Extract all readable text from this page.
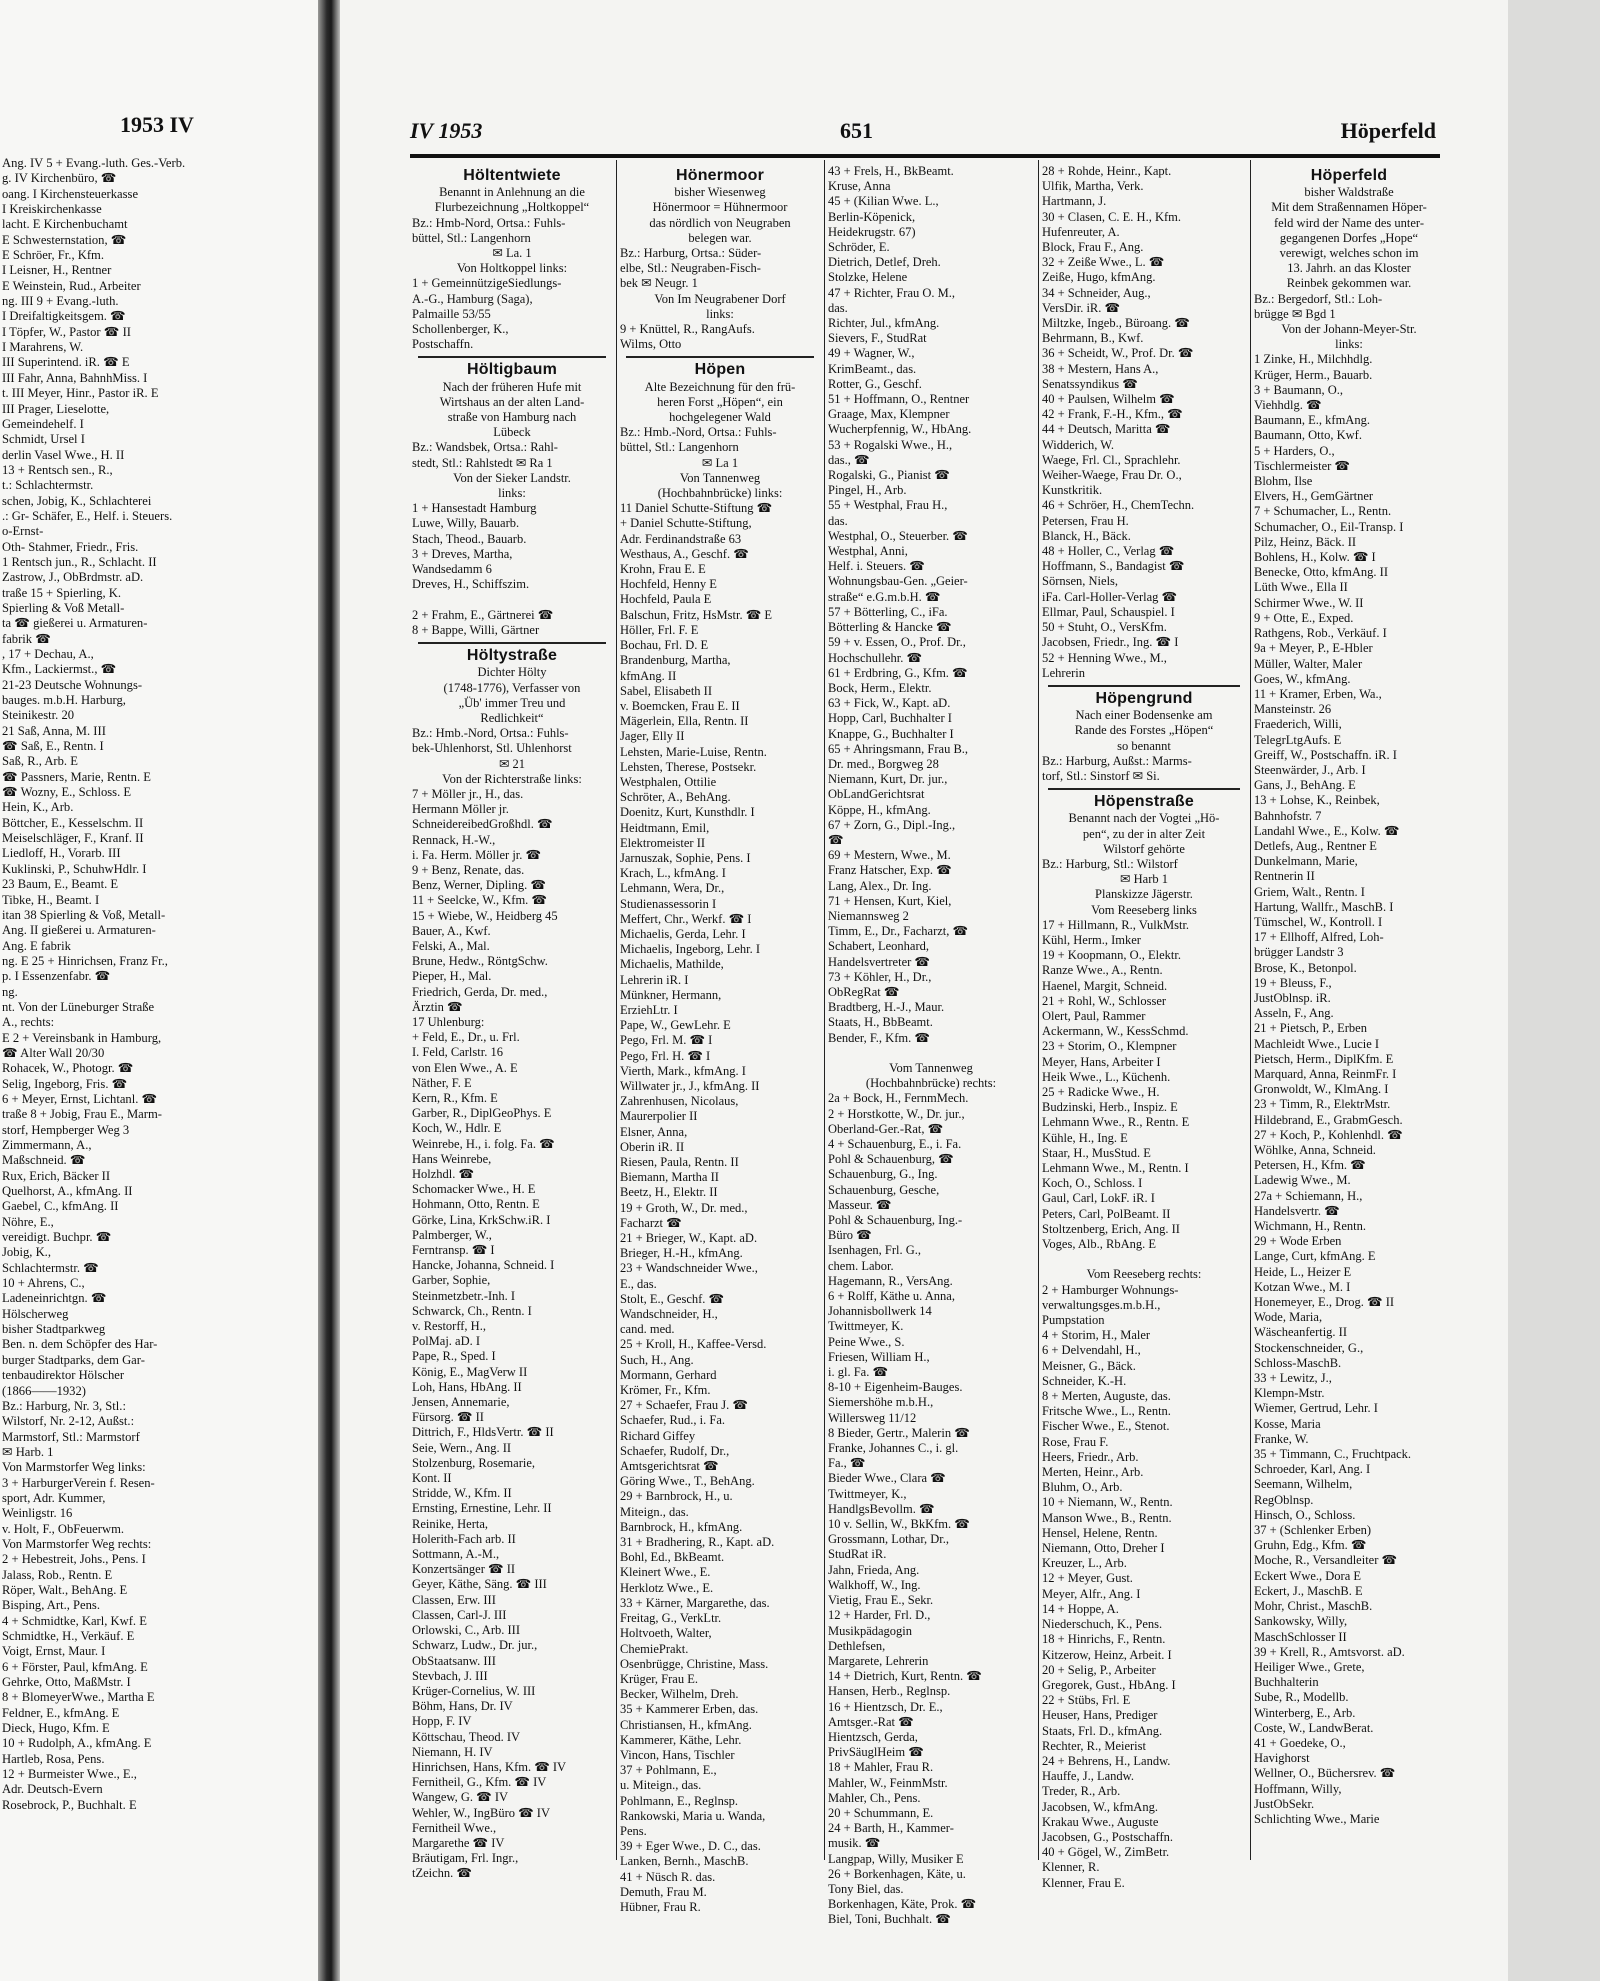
1953 IV
Ang. IV 5 + Evang.-luth. Ges.-Verb.
g. IV Kirchenbüro, ☎
oang. I Kirchensteuerkasse
I Kreiskirchenkasse
lacht. E Kirchenbuchamt
E Schwesternstation, ☎
E Schröer, Fr., Kfm.
I Leisner, H., Rentner
E Weinstein, Rud., Arbeiter
ng. III 9 + Evang.-luth.
I Dreifaltigkeitsgem. ☎
I Töpfer, W., Pastor ☎ II
I Marahrens, W.
III Superintend. iR. ☎ E
III Fahr, Anna, BahnhMiss. I
t. III Meyer, Hinr., Pastor iR. E
III Prager, Lieselotte,
Gemeindehelf. I
Schmidt, Ursel I
derlin Vasel Wwe., H. II
13 + Rentsch sen., R.,
t.: Schlachtermstr.
schen, Jobig, K., Schlachterei
.: Gr- Schäfer, E., Helf. i. Steuers.
o-Ernst-
Oth- Stahmer, Friedr., Fris.
1 Rentsch jun., R., Schlacht. II
Zastrow, J., ObBrdmstr. aD.
traße 15 + Spierling, K.
Spierling & Voß Metall-
ta ☎ gießerei u. Armaturen-
fabrik ☎
, 17 + Dechau, A.,
Kfm., Lackiermst., ☎
21-23 Deutsche Wohnungs-
bauges. m.b.H. Harburg,
Steinikestr. 20
21 Saß, Anna, M. III
☎ Saß, E., Rentn. I
Saß, R., Arb. E
☎ Passners, Marie, Rentn. E
☎ Wozny, E., Schloss. E
Hein, K., Arb.
Böttcher, E., Kesselschm. II
Meiselschläger, F., Kranf. II
Liedloff, H., Vorarb. III
Kuklinski, P., SchuhwHdlr. I
23 Baum, E., Beamt. E
Tibke, H., Beamt. I
itan 38 Spierling & Voß, Metall-
Ang. II gießerei u. Armaturen-
Ang. E fabrik
ng. E 25 + Hinrichsen, Franz Fr.,
p. I Essenzenfabr. ☎
ng.
nt. Von der Lüneburger Straße
A., rechts:
E 2 + Vereinsbank in Hamburg,
☎ Alter Wall 20/30
Rohacek, W., Photogr. ☎
Selig, Ingeborg, Fris. ☎
6 + Meyer, Ernst, Lichtanl. ☎
traße 8 + Jobig, Frau E., Marm-
storf, Hempberger Weg 3
Zimmermann, A.,
Maßschneid. ☎
Rux, Erich, Bäcker II
Quelhorst, A., kfmAng. II
Gaebel, C., kfmAng. II
Nöhre, E.,
vereidigt. Buchpr. ☎
Jobig, K.,
Schlachtermstr. ☎
10 + Ahrens, C.,
Ladeneinrichtgn. ☎
Hölscherweg
bisher Stadtparkweg
Ben. n. dem Schöpfer des Har-
burger Stadtparks, dem Gar-
tenbaudirektor Hölscher
(1866——1932)
Bz.: Harburg, Nr. 3, Stl.:
Wilstorf, Nr. 2-12, Außst.:
Marmstorf, Stl.: Marmstorf
✉ Harb. 1
Von Marmstorfer Weg links:
3 + HarburgerVerein f. Resen-
sport, Adr. Kummer,
Weinligstr. 16
v. Holt, F., ObFeuerwm.
Von Marmstorfer Weg rechts:
2 + Hebestreit, Johs., Pens. I
Jalass, Rob., Rentn. E
Röper, Walt., BehAng. E
Bisping, Art., Pens.
4 + Schmidtke, Karl, Kwf. E
Schmidtke, H., Verkäuf. E
Voigt, Ernst, Maur. I
6 + Förster, Paul, kfmAng. E
Gehrke, Otto, MaßMstr. I
8 + BlomeyerWwe., Martha E
Feldner, E., kfmAng. E
Dieck, Hugo, Kfm. E
10 + Rudolph, A., kfmAng. E
Hartleb, Rosa, Pens.
12 + Burmeister Wwe., E.,
Adr. Deutsch-Evern
Rosebrock, P., Buchhalt. E
IV 1953	651	Höperfeld
Höltentwiete
Benannt in Anlehnung an die
Flurbezeichnung „Holtkoppel“
Bz.: Hmb-Nord, Ortsa.: Fuhls-
büttel, Stl.: Langenhorn
✉ La. 1
Von Holtkoppel links:
1 + GemeinnützigeSiedlungs-
A.-G., Hamburg (Saga),
Palmaille 53/55
Schollenberger, K.,
Postschaffn.
Höltigbaum
Nach der früheren Hufe mit
Wirtshaus an der alten Land-
straße von Hamburg nach
Lübeck
Bz.: Wandsbek, Ortsa.: Rahl-
stedt, Stl.: Rahlstedt ✉ Ra 1
Von der Sieker Landstr.
links:
1 + Hansestadt Hamburg
Luwe, Willy, Bauarb.
Stach, Theod., Bauarb.
3 + Dreves, Martha,
Wandsedamm 6
Dreves, H., Schiffszim.

2 + Frahm, E., Gärtnerei ☎
8 + Bappe, Willi, Gärtner
Höltystraße
Dichter Hölty
(1748-1776), Verfasser von
„Üb' immer Treu und
Redlichkeit“
Bz.: Hmb.-Nord, Ortsa.: Fuhls-
bek-Uhlenhorst, Stl. Uhlenhorst
✉ 21
Von der Richterstraße links:
7 + Möller jr., H., das.
Hermann Möller jr.
SchneidereibedGroßhdl. ☎
Rennack, H.-W.,
i. Fa. Herm. Möller jr. ☎
9 + Benz, Renate, das.
Benz, Werner, Dipling. ☎
11 + Seelcke, W., Kfm. ☎
15 + Wiebe, W., Heidberg 45
Bauer, A., Kwf.
Felski, A., Mal.
Brune, Hedw., RöntgSchw.
Pieper, H., Mal.
Friedrich, Gerda, Dr. med.,
Ärztin ☎
17 Uhlenburg:
+ Feld, E., Dr., u. Frl.
I. Feld, Carlstr. 16
von Elen Wwe., A. E
Näther, F. E
Kern, R., Kfm. E
Garber, R., DiplGeoPhys. E
Koch, W., Hdlr. E
Weinrebe, H., i. folg. Fa. ☎
Hans Weinrebe,
Holzhdl. ☎
Schomacker Wwe., H. E
Hohmann, Otto, Rentn. E
Görke, Lina, KrkSchw.iR. I
Palmberger, W.,
Ferntransp. ☎ I
Hancke, Johanna, Schneid. I
Garber, Sophie,
Steinmetzbetr.-Inh. I
Schwarck, Ch., Rentn. I
v. Restorff, H.,
PolMaj. aD. I
Pape, R., Sped. I
König, E., MagVerw II
Loh, Hans, HbAng. II
Jensen, Annemarie,
Fürsorg. ☎ II
Dittrich, F., HldsVertr. ☎ II
Seie, Wern., Ang. II
Stolzenburg, Rosemarie,
Kont. II
Stridde, W., Kfm. II
Ernsting, Ernestine, Lehr. II
Reinike, Herta,
Holerith-Fach arb. II
Sottmann, A.-M.,
Konzertsänger ☎ II
Geyer, Käthe, Säng. ☎ III
Classen, Erw. III
Classen, Carl-J. III
Orlowski, C., Arb. III
Schwarz, Ludw., Dr. jur.,
ObStaatsanw. III
Stevbach, J. III
Krüger-Cornelius, W. III
Böhm, Hans, Dr. IV
Hopp, F. IV
Köttschau, Theod. IV
Niemann, H. IV
Hinrichsen, Hans, Kfm. ☎ IV
Fernitheil, G., Kfm. ☎ IV
Wangew, G. ☎ IV
Wehler, W., IngBüro ☎ IV
Fernitheil Wwe.,
Margarethe ☎ IV
Bräutigam, Frl. Ingr.,
tZeichn. ☎
Hönermoor
bisher Wiesenweg
Hönermoor = Hühnermoor
das nördlich von Neugraben
belegen war.
Bz.: Harburg, Ortsa.: Süder-
elbe, Stl.: Neugraben-Fisch-
bek ✉ Neugr. 1
Von Im Neugrabener Dorf
links:
9 + Knüttel, R., RangAufs.
Wilms, Otto
Höpen
Alte Bezeichnung für den frü-
heren Forst „Höpen“, ein
hochgelegener Wald
Bz.: Hmb.-Nord, Ortsa.: Fuhls-
büttel, Stl.: Langenhorn
✉ La 1
Von Tannenweg
(Hochbahnbrücke) links:
11 Daniel Schutte-Stiftung ☎
+ Daniel Schutte-Stiftung,
Adr. Ferdinandstraße 63
Westhaus, A., Geschf. ☎
Krohn, Frau E. E
Hochfeld, Henny E
Hochfeld, Paula E
Balschun, Fritz, HsMstr. ☎ E
Höller, Frl. F. E
Bochau, Frl. D. E
Brandenburg, Martha,
kfmAng. II
Sabel, Elisabeth II
v. Boemcken, Frau E. II
Mägerlein, Ella, Rentn. II
Jager, Elly II
Lehsten, Marie-Luise, Rentn.
Lehsten, Therese, Postsekr.
Westphalen, Ottilie
Schröter, A., BehAng.
Doenitz, Kurt, Kunsthdlr. I
Heidtmann, Emil,
Elektromeister II
Jarnuszak, Sophie, Pens. I
Krach, L., kfmAng. I
Lehmann, Wera, Dr.,
Studienassessorin I
Meffert, Chr., Werkf. ☎ I
Michaelis, Gerda, Lehr. I
Michaelis, Ingeborg, Lehr. I
Michaelis, Mathilde,
Lehrerin iR. I
Münkner, Hermann,
ErziehLtr. I
Pape, W., GewLehr. E
Pego, Frl. M. ☎ I
Pego, Frl. H. ☎ I
Vierth, Mark., kfmAng. I
Willwater jr., J., kfmAng. II
Zahrenhusen, Nicolaus,
Maurerpolier II
Elsner, Anna,
Oberin iR. II
Riesen, Paula, Rentn. II
Biemann, Martha II
Beetz, H., Elektr. II
19 + Groth, W., Dr. med.,
Facharzt ☎
21 + Brieger, W., Kapt. aD.
Brieger, H.-H., kfmAng.
23 + Wandschneider Wwe.,
E., das.
Stolt, E., Geschf. ☎
Wandschneider, H.,
cand. med.
25 + Kroll, H., Kaffee-Versd.
Such, H., Ang.
Mormann, Gerhard
Krömer, Fr., Kfm.
27 + Schaefer, Frau J. ☎
Schaefer, Rud., i. Fa.
Richard Giffey
Schaefer, Rudolf, Dr.,
Amtsgerichtsrat ☎
Göring Wwe., T., BehAng.
29 + Barnbrock, H., u.
Miteign., das.
Barnbrock, H., kfmAng.
31 + Bradhering, R., Kapt. aD.
Bohl, Ed., BkBeamt.
Kleinert Wwe., E.
Herklotz Wwe., E.
33 + Kärner, Margarethe, das.
Freitag, G., VerkLtr.
Holtvoeth, Walter,
ChemiePrakt.
Osenbrügge, Christine, Mass.
Krüger, Frau E.
Becker, Wilhelm, Dreh.
35 + Kammerer Erben, das.
Christiansen, H., kfmAng.
Kammerer, Käthe, Lehr.
Vincon, Hans, Tischler
37 + Pohlmann, E.,
u. Miteign., das.
Pohlmann, E., Reglnsp.
Rankowski, Maria u. Wanda,
Pens.
39 + Eger Wwe., D. C., das.
Lanken, Bernh., MaschB.
41 + Nüsch R. das.
Demuth, Frau M.
Hübner, Frau R.
43 + Frels, H., BkBeamt.
Kruse, Anna
45 + (Kilian Wwe. L.,
Berlin-Köpenick,
Heidekrugstr. 67)
Schröder, E.
Dietrich, Detlef, Dreh.
Stolzke, Helene
47 + Richter, Frau O. M.,
das.
Richter, Jul., kfmAng.
Sievers, F., StudRat
49 + Wagner, W.,
KrimBeamt., das.
Rotter, G., Geschf.
51 + Hoffmann, O., Rentner
Graage, Max, Klempner
Wucherpfennig, W., HbAng.
53 + Rogalski Wwe., H.,
das., ☎
Rogalski, G., Pianist ☎
Pingel, H., Arb.
55 + Westphal, Frau H.,
das.
Westphal, O., Steuerber. ☎
Westphal, Anni,
Helf. i. Steuers. ☎
Wohnungsbau-Gen. „Geier-
straße“ e.G.m.b.H. ☎
57 + Bötterling, C., iFa.
Bötterling & Hancke ☎
59 + v. Essen, O., Prof. Dr.,
Hochschullehr. ☎
61 + Erdbring, G., Kfm. ☎
Bock, Herm., Elektr.
63 + Fick, W., Kapt. aD.
Hopp, Carl, Buchhalter I
Knappe, G., Buchhalter I
65 + Ahringsmann, Frau B.,
Dr. med., Borgweg 28
Niemann, Kurt, Dr. jur.,
ObLandGerichtsrat
Köppe, H., kfmAng.
67 + Zorn, G., Dipl.-Ing.,
☎
69 + Mestern, Wwe., M.
Franz Hatscher, Exp. ☎
Lang, Alex., Dr. Ing.
71 + Hensen, Kurt, Kiel,
Niemannsweg 2
Timm, E., Dr., Facharzt, ☎
Schabert, Leonhard,
Handelsvertreter ☎
73 + Köhler, H., Dr.,
ObRegRat ☎
Bradtberg, H.-J., Maur.
Staats, H., BbBeamt.
Bender, F., Kfm. ☎

Vom Tannenweg
(Hochbahnbrücke) rechts:
2a + Bock, H., FernmMech.
2 + Horstkotte, W., Dr. jur.,
Oberland-Ger.-Rat, ☎
4 + Schauenburg, E., i. Fa.
Pohl & Schauenburg, ☎
Schauenburg, G., Ing.
Schauenburg, Gesche,
Masseur. ☎
Pohl & Schauenburg, Ing.-
Büro ☎
Isenhagen, Frl. G.,
chem. Labor.
Hagemann, R., VersAng.
6 + Rolff, Käthe u. Anna,
Johannisbollwerk 14
Twittmeyer, K.
Peine Wwe., S.
Friesen, William H.,
i. gl. Fa. ☎
8-10 + Eigenheim-Bauges.
Siemershöhe m.b.H.,
Willersweg 11/12
8 Bieder, Gertr., Malerin ☎
Franke, Johannes C., i. gl.
Fa., ☎
Bieder Wwe., Clara ☎
Twittmeyer, K.,
HandlgsBevollm. ☎
10 v. Sellin, W., BkKfm. ☎
Grossmann, Lothar, Dr.,
StudRat iR.
Jahn, Frieda, Ang.
Walkhoff, W., Ing.
Vietig, Frau E., Sekr.
12 + Harder, Frl. D.,
Musikpädagogin
Dethlefsen,
Margarete, Lehrerin
14 + Dietrich, Kurt, Rentn. ☎
Hansen, Herb., Reglnsp.
16 + Hientzsch, Dr. E.,
Amtsger.-Rat ☎
Hientzsch, Gerda,
PrivSäuglHeim ☎
18 + Mahler, Frau R.
Mahler, W., FeinmMstr.
Mahler, Ch., Pens.
20 + Schummann, E.
24 + Barth, H., Kammer-
musik. ☎
Langpap, Willy, Musiker E
26 + Borkenhagen, Käte, u.
Tony Biel, das.
Borkenhagen, Käte, Prok. ☎
Biel, Toni, Buchhalt. ☎
28 + Rohde, Heinr., Kapt.
Ulfik, Martha, Verk.
Hartmann, J.
30 + Clasen, C. E. H., Kfm.
Hufenreuter, A.
Block, Frau F., Ang.
32 + Zeiße Wwe., L. ☎
Zeiße, Hugo, kfmAng.
34 + Schneider, Aug.,
VersDir. iR. ☎
Miltzke, Ingeb., Büroang. ☎
Behrmann, B., Kwf.
36 + Scheidt, W., Prof. Dr. ☎
38 + Mestern, Hans A.,
Senatssyndikus ☎
40 + Paulsen, Wilhelm ☎
42 + Frank, F.-H., Kfm., ☎
44 + Deutsch, Maritta ☎
Widderich, W.
Waege, Frl. Cl., Sprachlehr.
Weiher-Waege, Frau Dr. O.,
Kunstkritik.
46 + Schröer, H., ChemTechn.
Petersen, Frau H.
Blanck, H., Bäck.
48 + Holler, C., Verlag ☎
Hoffmann, S., Bandagist ☎
Sörnsen, Niels,
iFa. Carl-Holler-Verlag ☎
Ellmar, Paul, Schauspiel. I
50 + Stuht, O., VersKfm.
Jacobsen, Friedr., Ing. ☎ I
52 + Henning Wwe., M.,
Lehrerin
Höpengrund
Nach einer Bodensenke am
Rande des Forstes „Höpen“
so benannt
Bz.: Harburg, Außst.: Marms-
torf, Stl.: Sinstorf ✉ Si.
Höpenstraße
Benannt nach der Vogtei „Hö-
pen“, zu der in alter Zeit
Wilstorf gehörte
Bz.: Harburg, Stl.: Wilstorf
✉ Harb 1
Planskizze Jägerstr.
Vom Reeseberg links
17 + Hillmann, R., VulkMstr.
Kühl, Herm., Imker
19 + Koopmann, O., Elektr.
Ranze Wwe., A., Rentn.
Haenel, Margit, Schneid.
21 + Rohl, W., Schlosser
Olert, Paul, Rammer
Ackermann, W., KessSchmd.
23 + Storim, O., Klempner
Meyer, Hans, Arbeiter I
Heik Wwe., L., Küchenh.
25 + Radicke Wwe., H.
Budzinski, Herb., Inspiz. E
Lehmann Wwe., R., Rentn. E
Kühle, H., Ing. E
Staar, H., MusStud. E
Lehmann Wwe., M., Rentn. I
Koch, O., Schloss. I
Gaul, Carl, LokF. iR. I
Peters, Carl, PolBeamt. II
Stoltzenberg, Erich, Ang. II
Voges, Alb., RbAng. E

Vom Reeseberg rechts:
2 + Hamburger Wohnungs-
verwaltungsges.m.b.H.,
Pumpstation
4 + Storim, H., Maler
6 + Delvendahl, H.,
Meisner, G., Bäck.
Schneider, K.-H.
8 + Merten, Auguste, das.
Fritsche Wwe., L., Rentn.
Fischer Wwe., E., Stenot.
Rose, Frau F.
Heers, Friedr., Arb.
Merten, Heinr., Arb.
Bluhm, O., Arb.
10 + Niemann, W., Rentn.
Manson Wwe., B., Rentn.
Hensel, Helene, Rentn.
Niemann, Otto, Dreher I
Kreuzer, L., Arb.
12 + Meyer, Gust.
Meyer, Alfr., Ang. I
14 + Hoppe, A.
Niederschuch, K., Pens.
18 + Hinrichs, F., Rentn.
Kitzerow, Heinz, Arbeit. I
20 + Selig, P., Arbeiter
Gregorek, Gust., HbAng. I
22 + Stübs, Frl. E
Heuser, Hans, Prediger
Staats, Frl. D., kfmAng.
Rechter, R., Meierist
24 + Behrens, H., Landw.
Hauffe, J., Landw.
Treder, R., Arb.
Jacobsen, W., kfmAng.
Krakau Wwe., Auguste
Jacobsen, G., Postschaffn.
40 + Gögel, W., ZimBetr.
Klenner, R.
Klenner, Frau E.
Höperfeld
bisher Waldstraße
Mit dem Straßennamen Höper-
feld wird der Name des unter-
gegangenen Dorfes „Hope“
verewigt, welches schon im
13. Jahrh. an das Kloster
Reinbek gekommen war.
Bz.: Bergedorf, Stl.: Loh-
brügge ✉ Bgd 1
Von der Johann-Meyer-Str.
links:
1 Zinke, H., Milchhdlg.
Krüger, Herm., Bauarb.
3 + Baumann, O.,
Viehhdlg. ☎
Baumann, E., kfmAng.
Baumann, Otto, Kwf.
5 + Harders, O.,
Tischlermeister ☎
Blohm, Ilse
Elvers, H., GemGärtner
7 + Schumacher, L., Rentn.
Schumacher, O., Eil-Transp. I
Pilz, Heinz, Bäck. II
Bohlens, H., Kolw. ☎ I
Benecke, Otto, kfmAng. II
Lüth Wwe., Ella II
Schirmer Wwe., W. II
9 + Otte, E., Exped.
Rathgens, Rob., Verkäuf. I
9a + Meyer, P., E-Hbler
Müller, Walter, Maler
Goes, W., kfmAng.
11 + Kramer, Erben, Wa.,
Mansteinstr. 26
Fraederich, Willi,
TelegrLtgAufs. E
Greiff, W., Postschaffn. iR. I
Steenwärder, J., Arb. I
Gans, J., BehAng. E
13 + Lohse, K., Reinbek,
Bahnhofstr. 7
Landahl Wwe., E., Kolw. ☎
Detlefs, Aug., Rentner E
Dunkelmann, Marie,
Rentnerin II
Griem, Walt., Rentn. I
Hartung, Wallfr., MaschB. I
Tümschel, W., Kontroll. I
17 + Ellhoff, Alfred, Loh-
brügger Landstr 3
Brose, K., Betonpol.
19 + Bleuss, F.,
JustOblnsp. iR.
Asseln, F., Ang.
21 + Pietsch, P., Erben
Machleidt Wwe., Lucie I
Pietsch, Herm., DiplKfm. E
Marquard, Anna, ReinmFr. I
Gronwoldt, W., KlmAng. I
23 + Timm, R., ElektrMstr.
Hildebrand, E., GrabmGesch.
27 + Koch, P., Kohlenhdl. ☎
Wöhlke, Anna, Schneid.
Petersen, H., Kfm. ☎
Ladewig Wwe., M.
27a + Schiemann, H.,
Handelsvertr. ☎
Wichmann, H., Rentn.
29 + Wode Erben
Lange, Curt, kfmAng. E
Heide, L., Heizer E
Kotzan Wwe., M. I
Honemeyer, E., Drog. ☎ II
Wode, Maria,
Wäscheanfertig. II
Stockenschneider, G.,
Schloss-MaschB.
33 + Lewitz, J.,
Klempn-Mstr.
Wiemer, Gertrud, Lehr. I
Kosse, Maria
Franke, W.
35 + Timmann, C., Fruchtpack.
Schroeder, Karl, Ang. I
Seemann, Wilhelm,
RegOblnsp.
Hinsch, O., Schloss.
37 + (Schlenker Erben)
Gruhn, Edg., Kfm. ☎
Moche, R., Versandleiter ☎
Eckert Wwe., Dora E
Eckert, J., MaschB. E
Mohr, Christ., MaschB.
Sankowsky, Willy,
MaschSchlosser II
39 + Krell, R., Amtsvorst. aD.
Heiliger Wwe., Grete,
Buchhalterin
Sube, R., Modellb.
Winterberg, E., Arb.
Coste, W., LandwBerat.
41 + Goedeke, O.,
Havighorst
Wellner, O., Büchersrev. ☎
Hoffmann, Willy,
JustObSekr.
Schlichting Wwe., Marie
